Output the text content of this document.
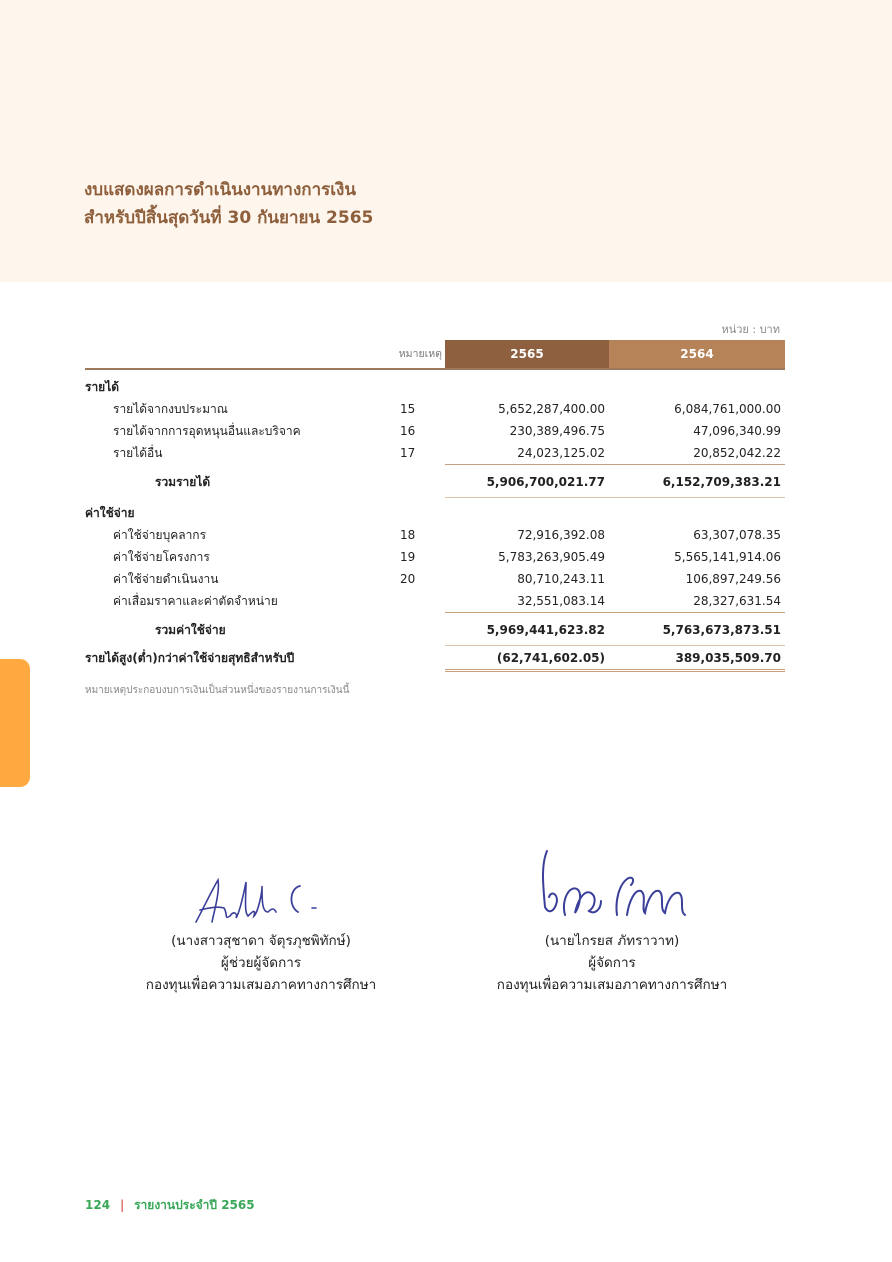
งบแสดงผลการดำเนินงานทางการเงิน
สำหรับปีสิ้นสุดวันที่ 30 กันยายน 2565
หน่วย : บาท
หมายเหตุ	2565	2564
รายได้
รายได้จากงบประมาณ	15	5,652,287,400.00	6,084,761,000.00
รายได้จากการอุดหนุนอื่นและบริจาค	16	230,389,496.75	47,096,340.99
รายได้อื่น	17	24,023,125.02	20,852,042.22
รวมรายได้	5,906,700,021.77	6,152,709,383.21
ค่าใช้จ่าย
ค่าใช้จ่ายบุคลากร	18	72,916,392.08	63,307,078.35
ค่าใช้จ่ายโครงการ	19	5,783,263,905.49	5,565,141,914.06
ค่าใช้จ่ายดำเนินงาน	20	80,710,243.11	106,897,249.56
ค่าเสื่อมราคาและค่าตัดจำหน่าย	32,551,083.14	28,327,631.54
รวมค่าใช้จ่าย	5,969,441,623.82	5,763,673,873.51
รายได้สูง(ต่ำ)กว่าค่าใช้จ่ายสุทธิสำหรับปี	(62,741,602.05)	389,035,509.70
หมายเหตุประกอบงบการเงินเป็นส่วนหนึ่งของรายงานการเงินนี้
(นางสาวสุชาดา จัตุรภุชพิทักษ์)
ผู้ช่วยผู้จัดการ
กองทุนเพื่อความเสมอภาคทางการศึกษา
(นายไกรยส ภัทราวาท)
ผู้จัดการ
กองทุนเพื่อความเสมอภาคทางการศึกษา
124 | รายงานประจำปี 2565
